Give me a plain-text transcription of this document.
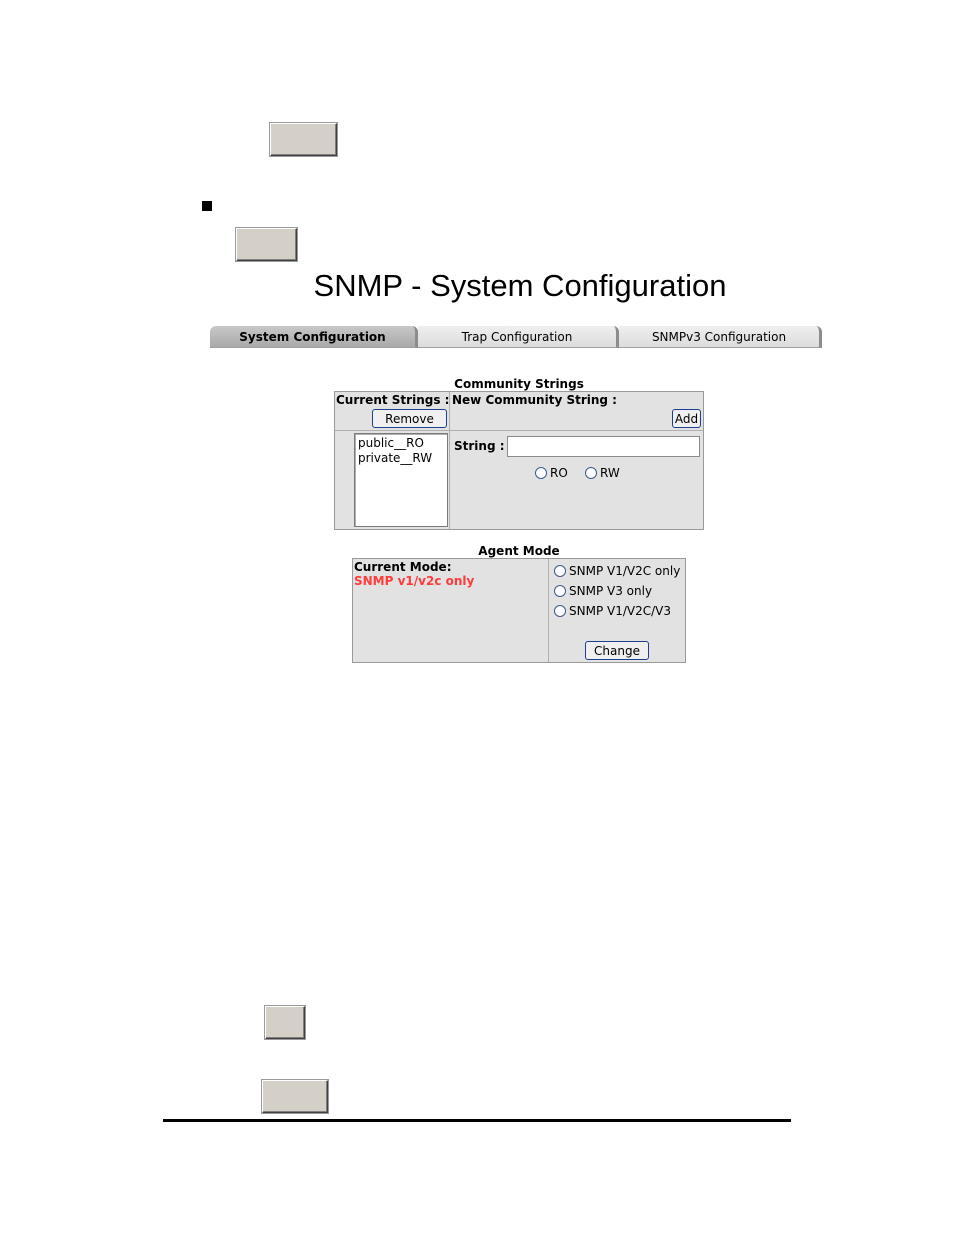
SNMP - System Configuration
System Configuration	Trap Configuration	SNMPv3 Configuration
Community Strings
Current Strings :
Remove
New Community String :
Add
public__RO
private__RW
String :
RO	RW
Agent Mode
Current Mode:
SNMP v1/v2c only
SNMP V1/V2C only
SNMP V3 only
SNMP V1/V2C/V3
Change
